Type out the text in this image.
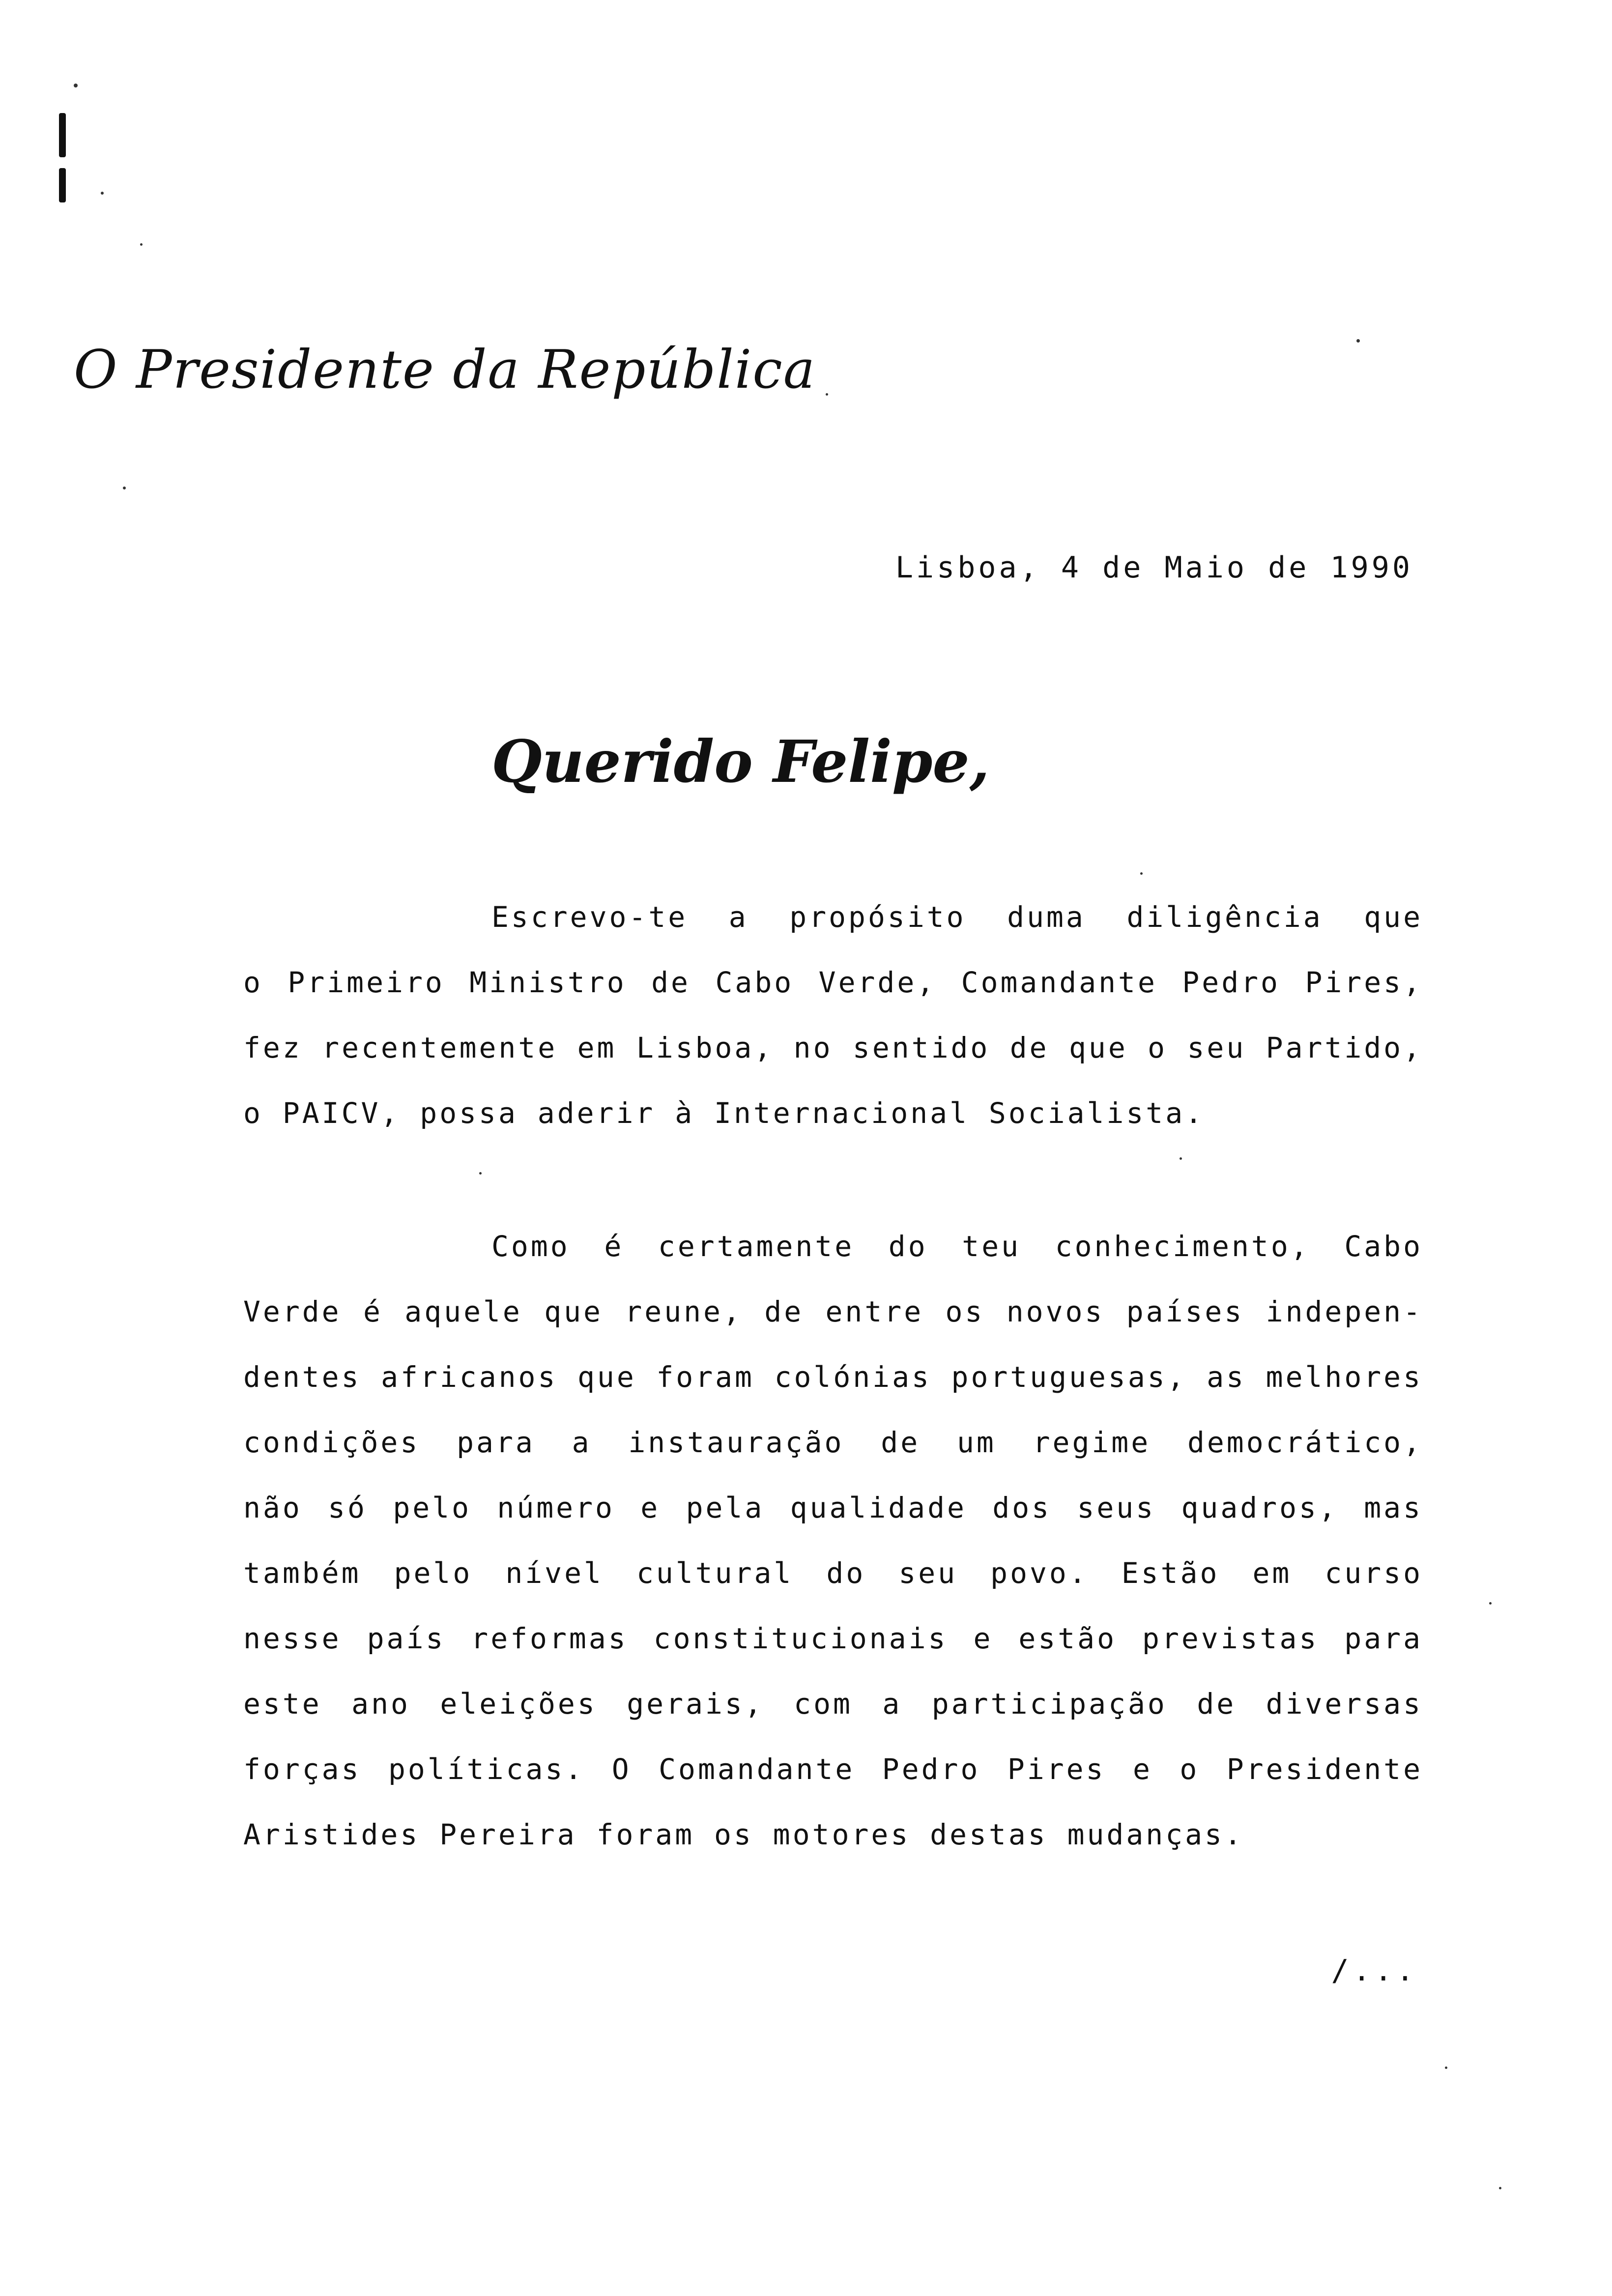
O Presidente da República
Lisboa, 4 de Maio de 1990
Querido Felipe,
Escrevo-te a propósito duma diligência que
o Primeiro Ministro de Cabo Verde, Comandante Pedro Pires,
fez recentemente em Lisboa, no sentido de que o seu Partido,
o PAICV, possa aderir à Internacional Socialista.
Como é certamente do teu conhecimento, Cabo
Verde é aquele que reune, de entre os novos países indepen-
dentes africanos que foram colónias portuguesas, as melhores
condições para a instauração de um regime democrático,
não só pelo número e pela qualidade dos seus quadros, mas
também pelo nível cultural do seu povo. Estão em curso
nesse país reformas constitucionais e estão previstas para
este ano eleições gerais, com a participação de diversas
forças políticas. O Comandante Pedro Pires e o Presidente
Aristides Pereira foram os motores destas mudanças.
/...
